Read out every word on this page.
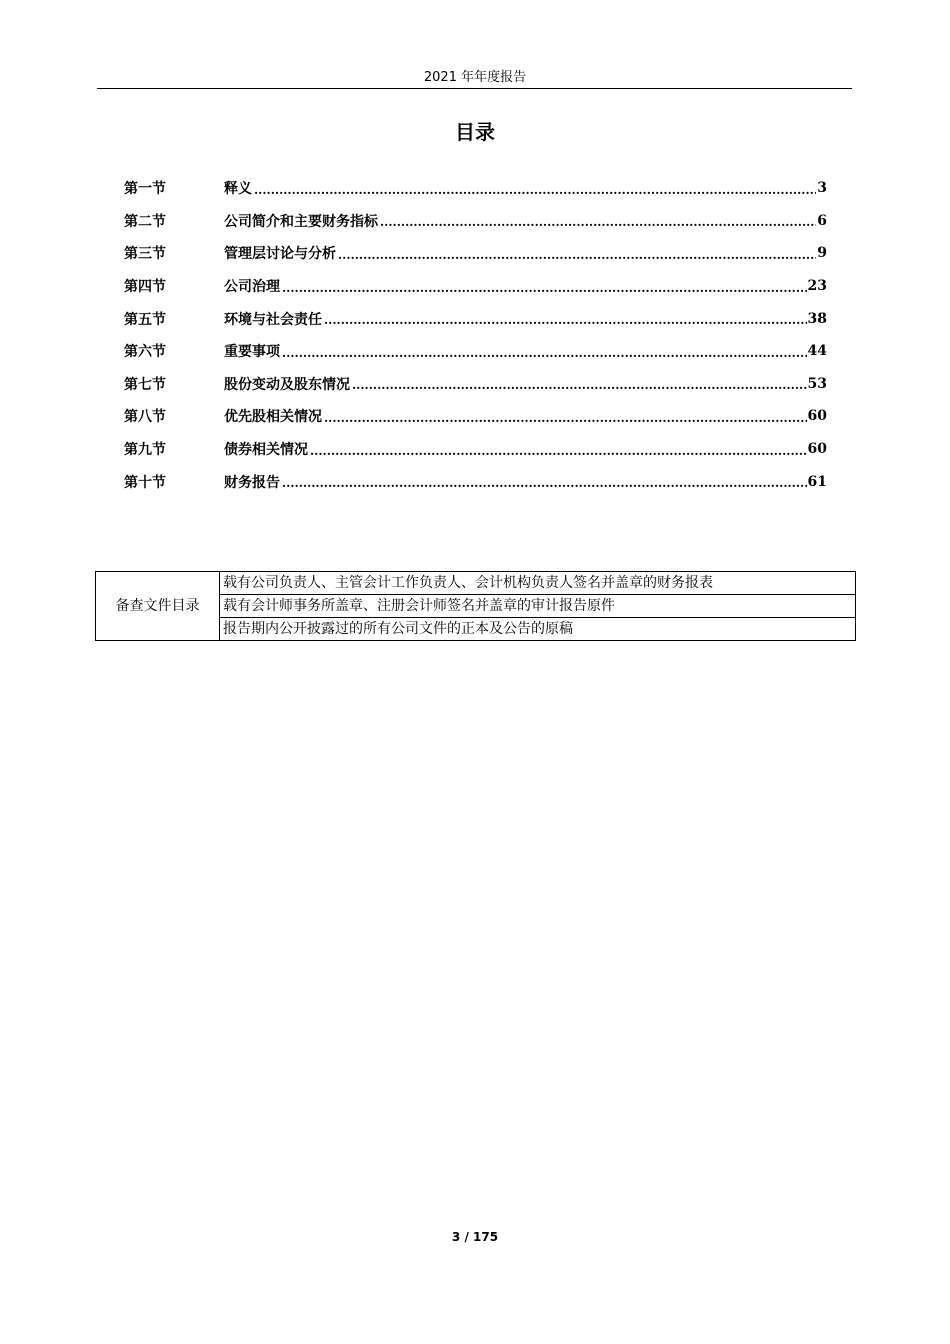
2021 年年度报告
目录
第一节	释义 .....	3
第二节	公司简介和主要财务指标 .....	6
第三节	管理层讨论与分析 .....	9
第四节	公司治理 .....	23
第五节	环境与社会责任 .....	38
第六节	重要事项 .....	44
第七节	股份变动及股东情况 .....	53
第八节	优先股相关情况 .....	60
第九节	债券相关情况 .....	60
第十节	财务报告 .....	61
备查文件目录	载有公司负责人、主管会计工作负责人、会计机构负责人签名并盖章的财务报表
载有会计师事务所盖章、注册会计师签名并盖章的审计报告原件
报告期内公开披露过的所有公司文件的正本及公告的原稿
3 / 175
